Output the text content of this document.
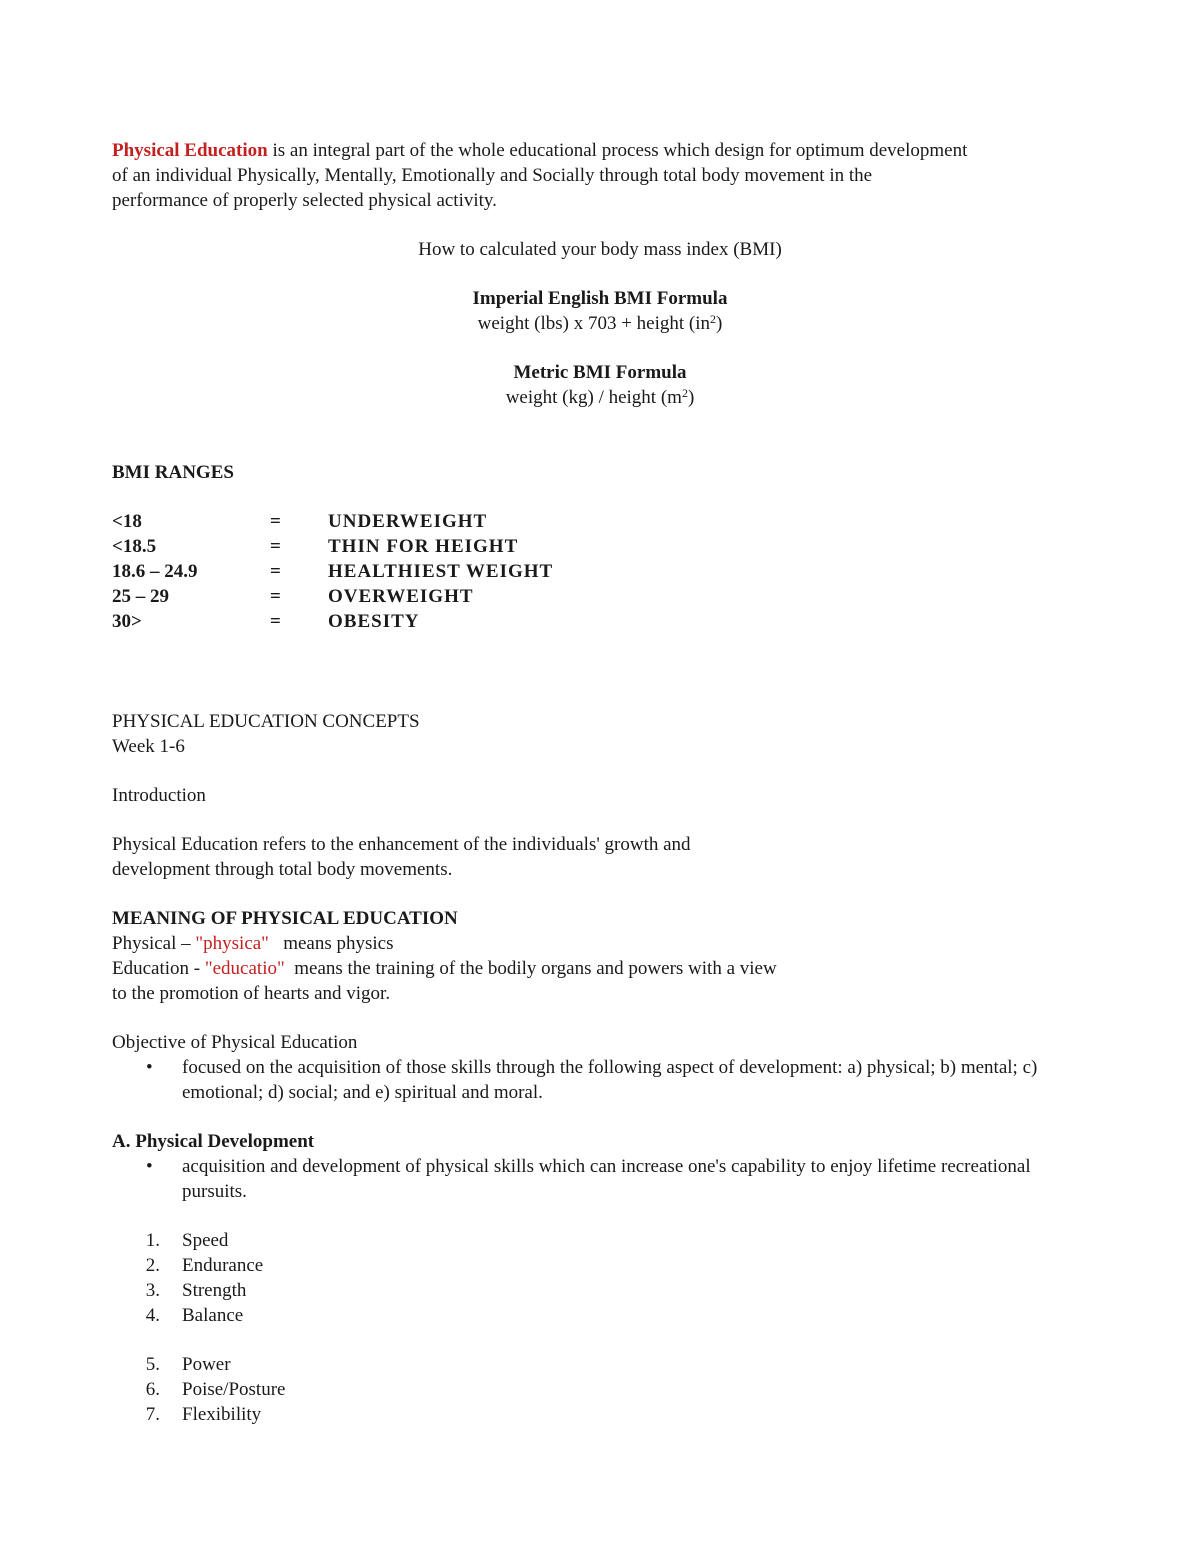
Physical Education is an integral part of the whole educational process which design for optimum development
of an individual Physically, Mentally, Emotionally and Socially through total body movement in the
performance of properly selected physical activity.
How to calculated your body mass index (BMI)
Imperial English BMI Formula
weight (lbs) x 703 + height $(in^2)$
Metric BMI Formula
weight (kg) / height $(m^2)$
BMI RANGES
<18	=	UNDERWEIGHT
<18.5	=	THIN FOR HEIGHT
18.6 – 24.9	=	HEALTHIEST WEIGHT
25 – 29	=	OVERWEIGHT
30>	=	OBESITY
PHYSICAL EDUCATION CONCEPTS
Week 1-6
Introduction
Physical Education refers to the enhancement of the individuals' growth and
development through total body movements.
MEANING OF PHYSICAL EDUCATION
Physical – "physica"   means physics
Education - "educatio"  means the training of the bodily organs and powers with a view
to the promotion of hearts and vigor.
Objective of Physical Education
•	focused on the acquisition of those skills through the following aspect of development: a) physical; b) mental; c) emotional; d) social; and e) spiritual and moral.
A. Physical Development
•	acquisition and development of physical skills which can increase one's capability to enjoy lifetime recreational pursuits.
1.	Speed
2.	Endurance
3.	Strength
4.	Balance
5.	Power
6.	Poise/Posture
7.	Flexibility
